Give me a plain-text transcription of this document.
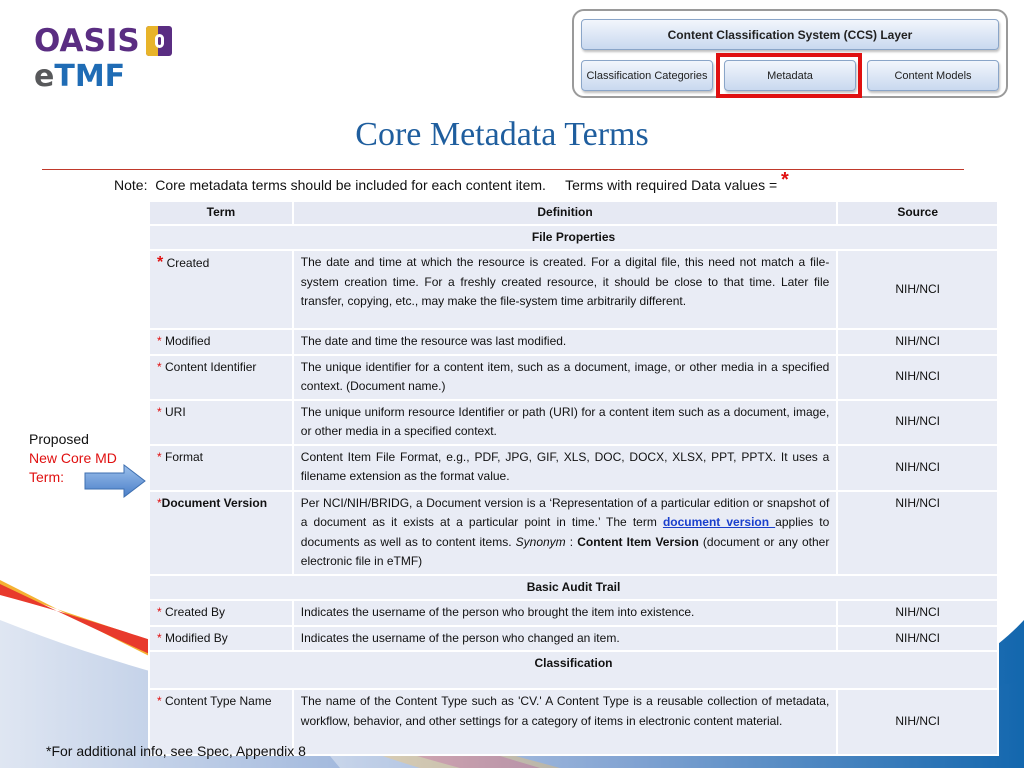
OASIS
eTMF
Content Classification System (CCS) Layer
Classification Categories	Metadata	Content Models
Core Metadata Terms
Note:  Core metadata terms should be included for each content item.     Terms with required Data values = *
Term	Definition	Source
File Properties		
* Created	The date and time at which the resource is created. For a digital file, this need not match a file-system creation time. For a freshly created resource, it should be close to that time. Later file transfer, copying, etc., may make the file-system time arbitrarily different.	NIH/NCI
* Modified	The date and time the resource was last modified.	NIH/NCI
* Content Identifier	The unique identifier for a content item, such as a document, image, or other media in a specified context. (Document name.)	NIH/NCI
* URI	The unique uniform resource Identifier or path (URI) for a content item such as a document, image, or other media in a specified context.	NIH/NCI
* Format	Content Item File Format, e.g., PDF, JPG, GIF, XLS, DOC, DOCX, XLSX, PPT, PPTX. It uses a filename extension as the format value.	NIH/NCI
*Document Version	Per NCI/NIH/BRIDG, a Document version is a ‘Representation of a particular edition or snapshot of a document as it exists at a particular point in time.’ The term document version applies to documents as well as to content items. Synonym : Content Item Version (document or any other electronic file in eTMF)	NIH/NCI
Basic Audit Trail		
* Created By	Indicates the username of the person who brought the item into existence.	NIH/NCI
* Modified By	Indicates the username of the person who changed an item.	NIH/NCI
Classification		
* Content Type Name	The name of the Content Type such as 'CV.' A Content Type is a reusable collection of metadata, workflow, behavior, and other settings for a category of items in electronic content material.	NIH/NCI
Proposed
New Core MD
Term:
*For additional info, see Spec, Appendix 8
